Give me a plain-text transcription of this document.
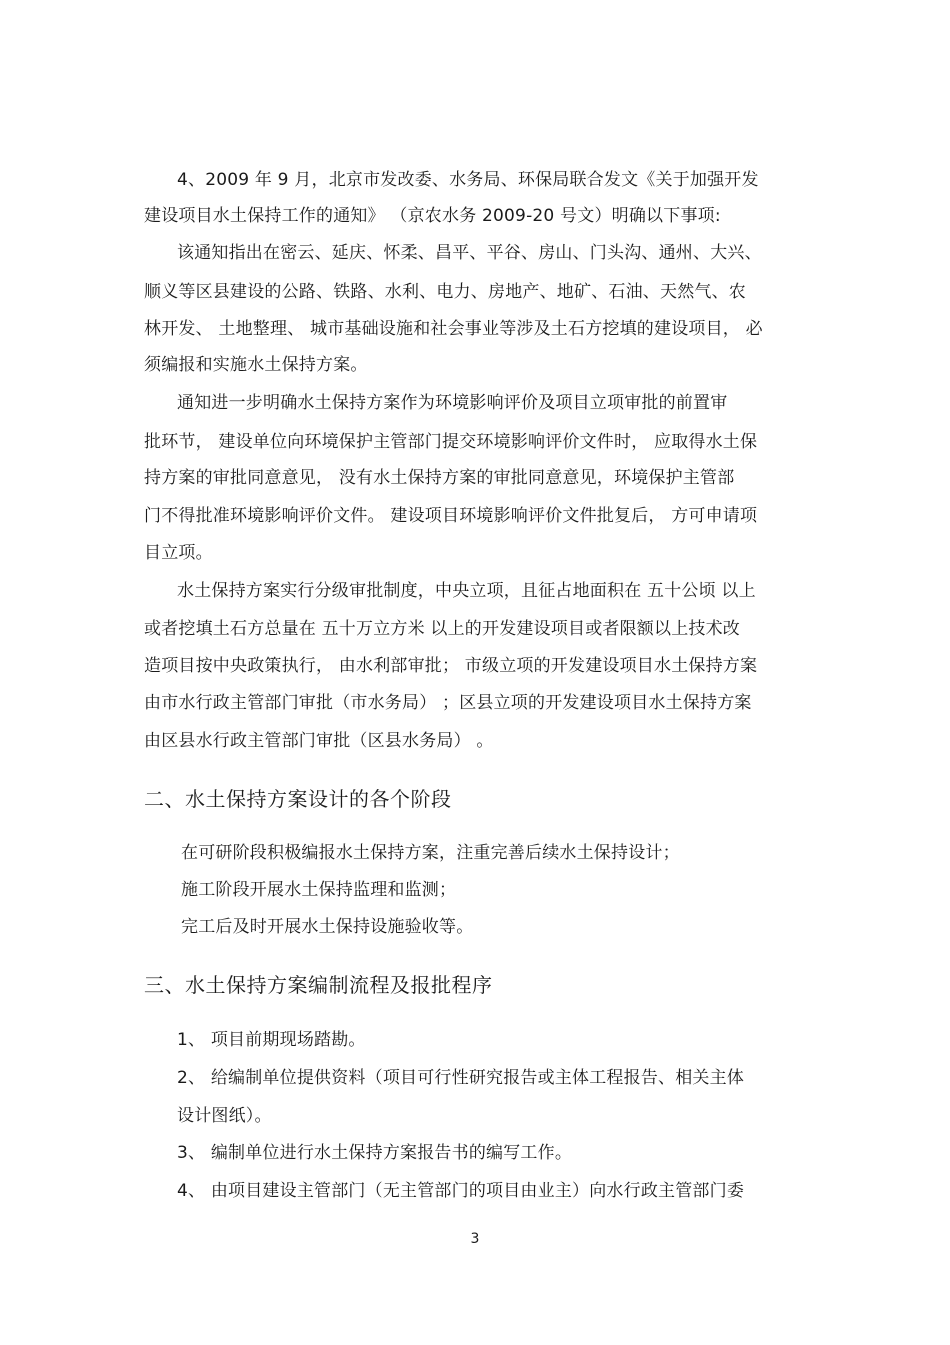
4、2009 年 9 月，北京市发改委、水务局、环保局联合发文《关于加强开发
建设项目水土保持工作的通知》 （京农水务 2009-20 号文）明确以下事项:
该通知指出在密云、延庆、怀柔、昌平、平谷、房山、门头沟、通州、大兴、
顺义等区县建设的公路、铁路、水利、电力、房地产、地矿、石油、天然气、农
林开发、 土地整理、 城市基础设施和社会事业等涉及土石方挖填的建设项目， 必
须编报和实施水土保持方案。
通知进一步明确水土保持方案作为环境影响评价及项目立项审批的前置审
批环节， 建设单位向环境保护主管部门提交环境影响评价文件时， 应取得水土保
持方案的审批同意意见， 没有水土保持方案的审批同意意见，环境保护主管部
门不得批准环境影响评价文件。 建设项目环境影响评价文件批复后， 方可申请项
目立项。
水土保持方案实行分级审批制度，中央立项，且征占地面积在 五十公顷 以上
或者挖填土石方总量在 五十万立方米 以上的开发建设项目或者限额以上技术改
造项目按中央政策执行， 由水利部审批； 市级立项的开发建设项目水土保持方案
由市水行政主管部门审批（市水务局） ；区县立项的开发建设项目水土保持方案
由区县水行政主管部门审批（区县水务局） 。
二、水土保持方案设计的各个阶段
在可研阶段积极编报水土保持方案，注重完善后续水土保持设计；
施工阶段开展水土保持监理和监测；
完工后及时开展水土保持设施验收等。
三、水土保持方案编制流程及报批程序
1、 项目前期现场踏勘。
2、 给编制单位提供资料（项目可行性研究报告或主体工程报告、相关主体
设计图纸）。
3、 编制单位进行水土保持方案报告书的编写工作。
4、 由项目建设主管部门（无主管部门的项目由业主）向水行政主管部门委
3
